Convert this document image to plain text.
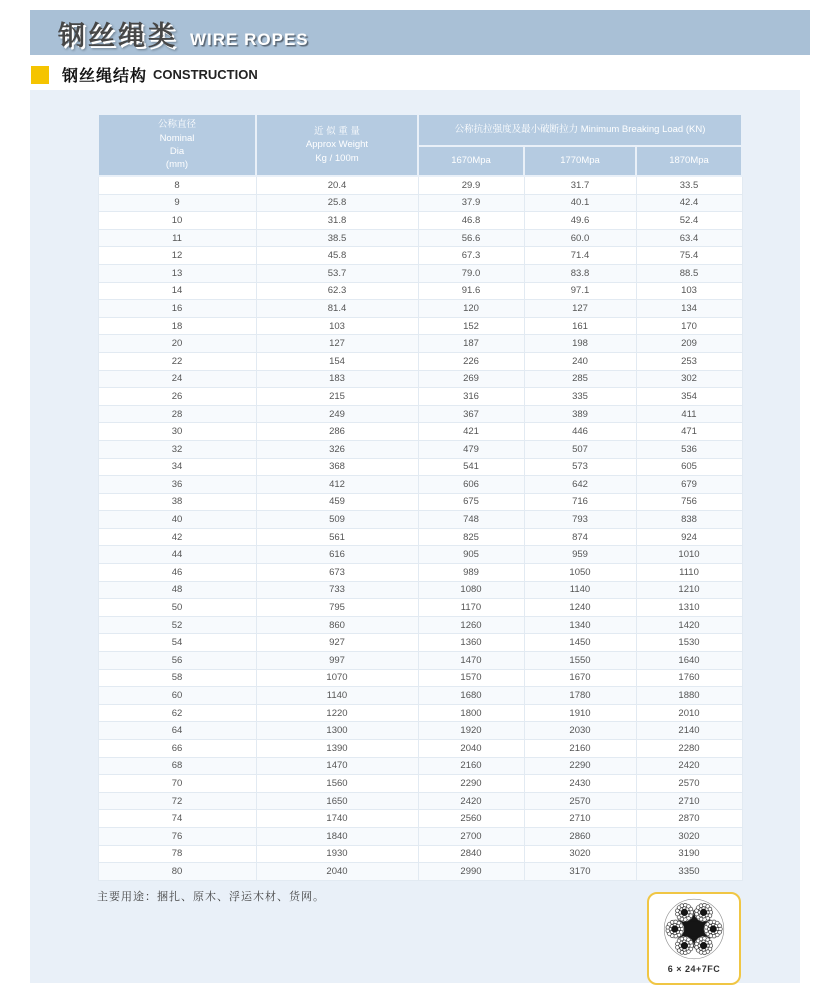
钢丝绳类 WIRE ROPES
钢丝绳结构 CONSTRUCTION
公称直径
Nominal
Dia
(mm)	近 似 重 量
Approx Weight
Kg / 100m	公称抗拉强度及最小破断拉力 Minimum Breaking Load (KN)		
		1670Mpa	1770Mpa	1870Mpa
8	20.4	29.9	31.7	33.5
9	25.8	37.9	40.1	42.4
10	31.8	46.8	49.6	52.4
11	38.5	56.6	60.0	63.4
12	45.8	67.3	71.4	75.4
13	53.7	79.0	83.8	88.5
14	62.3	91.6	97.1	103
16	81.4	120	127	134
18	103	152	161	170
20	127	187	198	209
22	154	226	240	253
24	183	269	285	302
26	215	316	335	354
28	249	367	389	411
30	286	421	446	471
32	326	479	507	536
34	368	541	573	605
36	412	606	642	679
38	459	675	716	756
40	509	748	793	838
42	561	825	874	924
44	616	905	959	1010
46	673	989	1050	1110
48	733	1080	1140	1210
50	795	1170	1240	1310
52	860	1260	1340	1420
54	927	1360	1450	1530
56	997	1470	1550	1640
58	1070	1570	1670	1760
60	1140	1680	1780	1880
62	1220	1800	1910	2010
64	1300	1920	2030	2140
66	1390	2040	2160	2280
68	1470	2160	2290	2420
70	1560	2290	2430	2570
72	1650	2420	2570	2710
74	1740	2560	2710	2870
76	1840	2700	2860	3020
78	1930	2840	3020	3190
80	2040	2990	3170	3350
主要用途：捆扎、原木、浮运木材、货网。
6 × 24+7FC
